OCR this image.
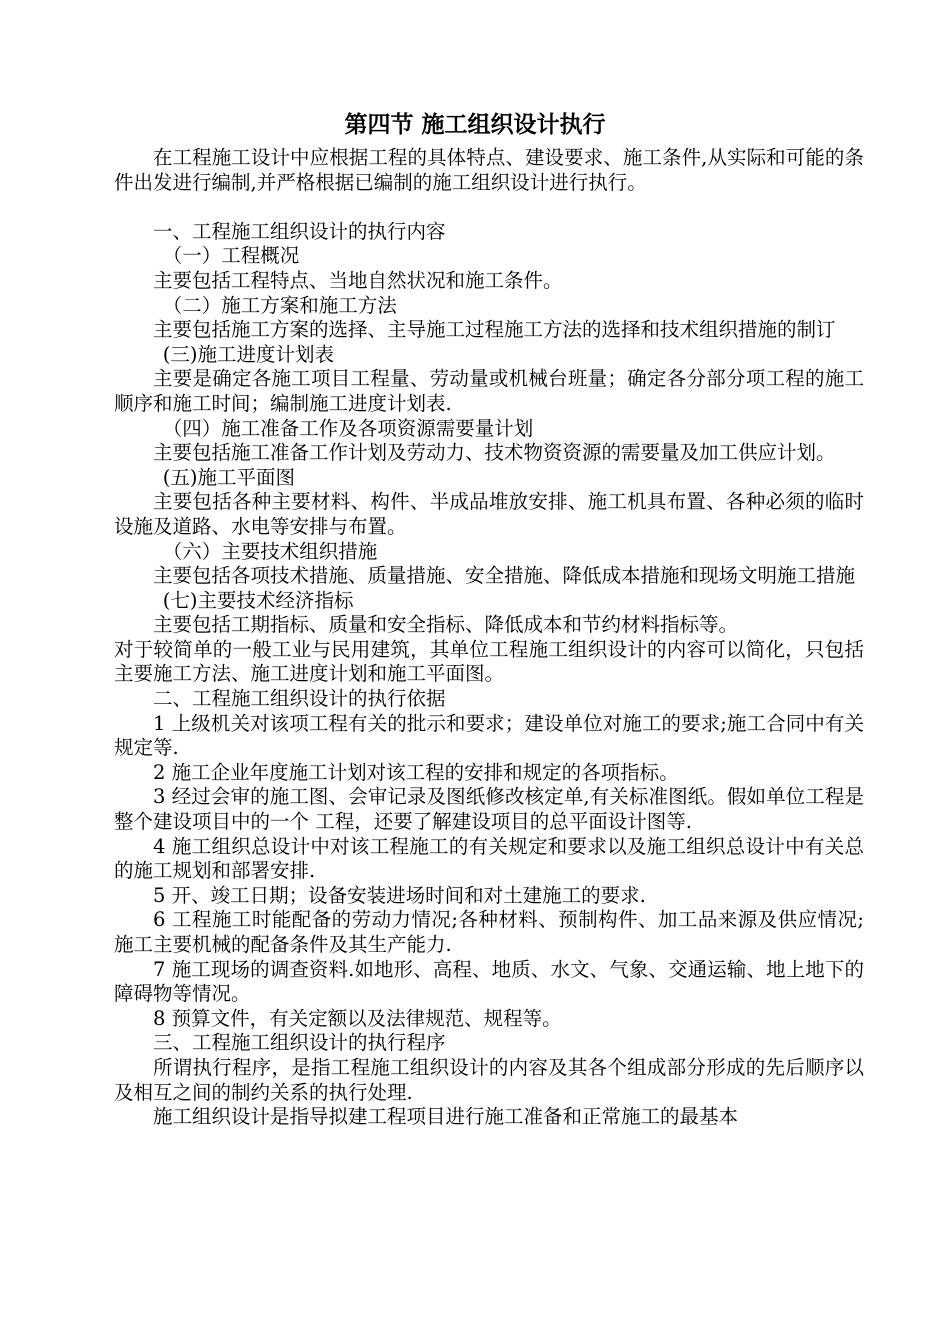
第四节 施工组织设计执行

在工程施工设计中应根据工程的具体特点、建设要求、施工条件,从实际和可能的条件出发进行编制,并严格根据已编制的施工组织设计进行执行。

一、工程施工组织设计的执行内容

（一）工程概况

主要包括工程特点、当地自然状况和施工条件。

（二）施工方案和施工方法

主要包括施工方案的选择、主导施工过程施工方法的选择和技术组织措施的制订

(三)施工进度计划表

主要是确定各施工项目工程量、劳动量或机械台班量；确定各分部分项工程的施工顺序和施工时间；编制施工进度计划表.

（四）施工准备工作及各项资源需要量计划

主要包括施工准备工作计划及劳动力、技术物资资源的需要量及加工供应计划。

(五)施工平面图

主要包括各种主要材料、构件、半成品堆放安排、施工机具布置、各种必须的临时设施及道路、水电等安排与布置。

（六）主要技术组织措施

主要包括各项技术措施、质量措施、安全措施、降低成本措施和现场文明施工措施

(七)主要技术经济指标

主要包括工期指标、质量和安全指标、降低成本和节约材料指标等。

对于较简单的一般工业与民用建筑，其单位工程施工组织设计的内容可以简化，只包括主要施工方法、施工进度计划和施工平面图。

二、工程施工组织设计的执行依据

1 上级机关对该项工程有关的批示和要求；建设单位对施工的要求;施工合同中有关规定等.

2 施工企业年度施工计划对该工程的安排和规定的各项指标。

3 经过会审的施工图、会审记录及图纸修改核定单,有关标准图纸。假如单位工程是整个建设项目中的一个 工程，还要了解建设项目的总平面设计图等.

4 施工组织总设计中对该工程施工的有关规定和要求以及施工组织总设计中有关总的施工规划和部署安排.

5 开、竣工日期；设备安装进场时间和对土建施工的要求.

6 工程施工时能配备的劳动力情况;各种材料、预制构件、加工品来源及供应情况;施工主要机械的配备条件及其生产能力.

7 施工现场的调查资料.如地形、高程、地质、水文、气象、交通运输、地上地下的障碍物等情况。

8 预算文件，有关定额以及法律规范、规程等。

三、工程施工组织设计的执行程序

所谓执行程序，是指工程施工组织设计的内容及其各个组成部分形成的先后顺序以及相互之间的制约关系的执行处理.

施工组织设计是指导拟建工程项目进行施工准备和正常施工的最基本
